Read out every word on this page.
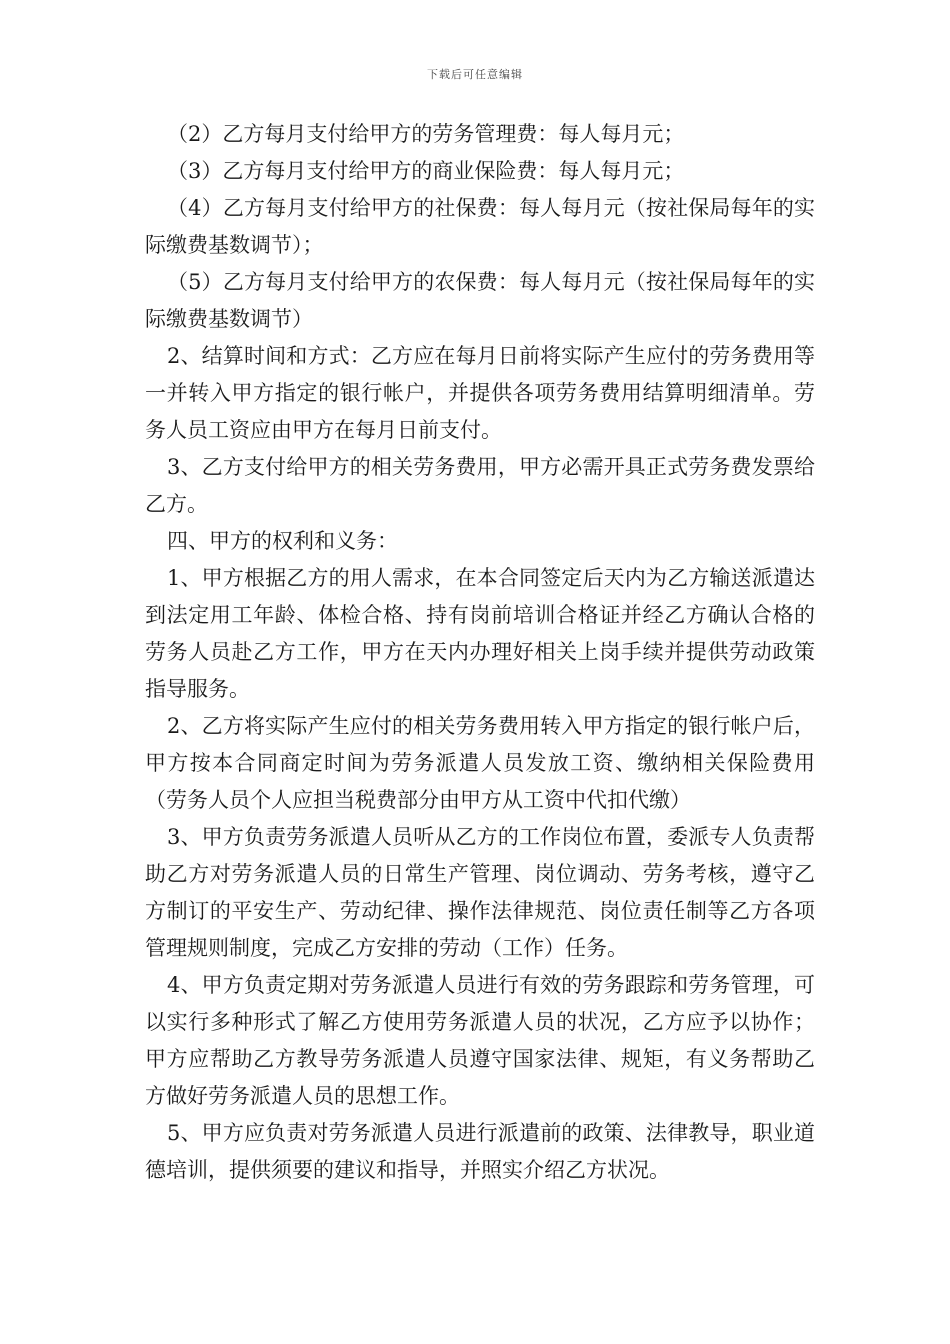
下载后可任意编辑

（2）乙方每月支付给甲方的劳务管理费：每人每月元；

（3）乙方每月支付给甲方的商业保险费：每人每月元；

（4）乙方每月支付给甲方的社保费：每人每月元（按社保局每年的实际缴费基数调节）；

（5）乙方每月支付给甲方的农保费：每人每月元（按社保局每年的实际缴费基数调节）

2、结算时间和方式：乙方应在每月日前将实际产生应付的劳务费用等一并转入甲方指定的银行帐户，并提供各项劳务费用结算明细清单。劳务人员工资应由甲方在每月日前支付。

3、乙方支付给甲方的相关劳务费用，甲方必需开具正式劳务费发票给乙方。

四、甲方的权利和义务：

1、甲方根据乙方的用人需求，在本合同签定后天内为乙方输送派遣达到法定用工年龄、体检合格、持有岗前培训合格证并经乙方确认合格的劳务人员赴乙方工作，甲方在天内办理好相关上岗手续并提供劳动政策指导服务。

2、乙方将实际产生应付的相关劳务费用转入甲方指定的银行帐户后，甲方按本合同商定时间为劳务派遣人员发放工资、缴纳相关保险费用（劳务人员个人应担当税费部分由甲方从工资中代扣代缴）

3、甲方负责劳务派遣人员听从乙方的工作岗位布置，委派专人负责帮助乙方对劳务派遣人员的日常生产管理、岗位调动、劳务考核，遵守乙方制订的平安生产、劳动纪律、操作法律规范、岗位责任制等乙方各项管理规则制度，完成乙方安排的劳动（工作）任务。

4、甲方负责定期对劳务派遣人员进行有效的劳务跟踪和劳务管理，可以实行多种形式了解乙方使用劳务派遣人员的状况，乙方应予以协作；甲方应帮助乙方教导劳务派遣人员遵守国家法律、规矩，有义务帮助乙方做好劳务派遣人员的思想工作。

5、甲方应负责对劳务派遣人员进行派遣前的政策、法律教导，职业道德培训，提供须要的建议和指导，并照实介绍乙方状况。
